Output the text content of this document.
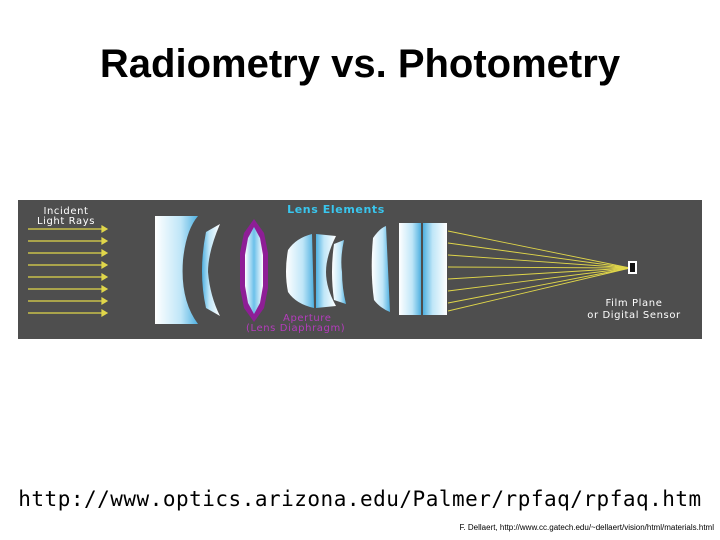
Radiometry vs. Photometry
Incident
Light Rays
Lens Elements
Aperture
(Lens Diaphragm)
Film Plane
or Digital Sensor
http://www.optics.arizona.edu/Palmer/rpfaq/rpfaq.htm
F. Dellaert, http://www.cc.gatech.edu/~dellaert/vision/html/materials.html
